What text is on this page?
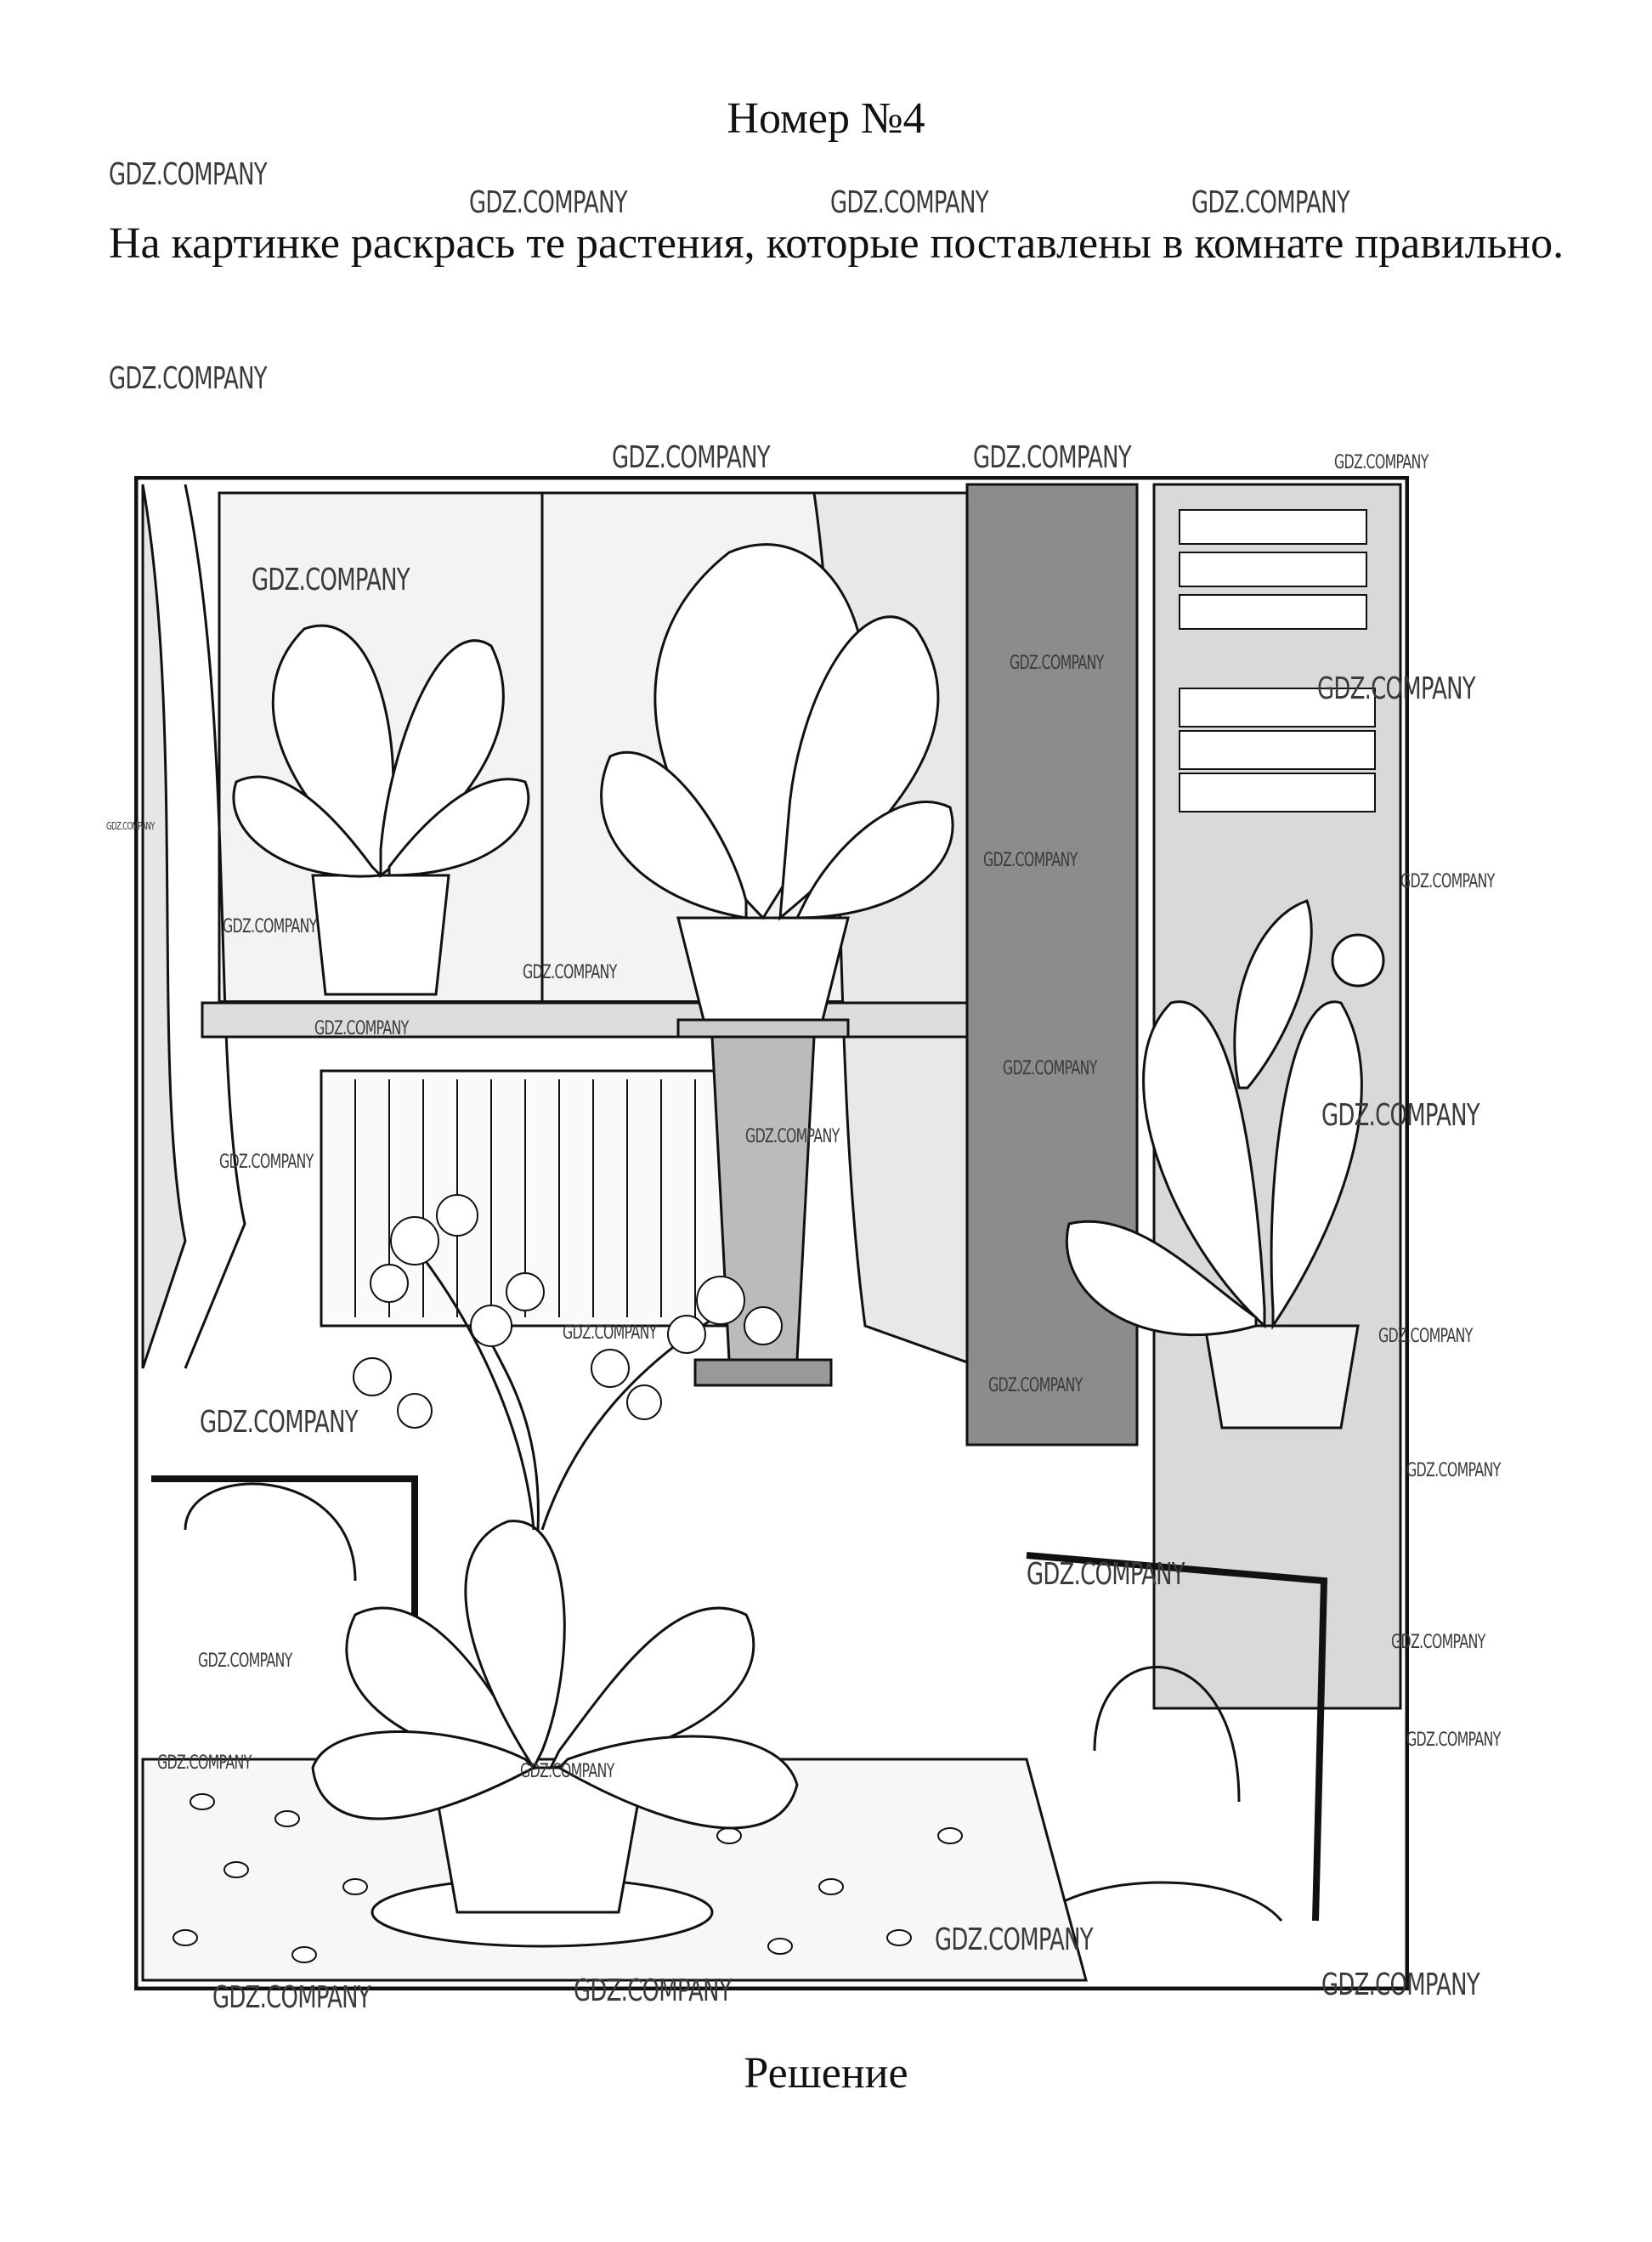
Номер №4
На картинке раскрась те растения, которые поставлены в комнате правильно.
GDZ.COMPANY
GDZ.COMPANY	GDZ.COMPANY	GDZ.COMPANY
GDZ.COMPANY
GDZ.COMPANY	GDZ.COMPANY	GDZ.COMPANY
GDZ.COMPANY
GDZ.COMPANY
GDZ.COMPANY
GDZ.COMPANY
GDZ.COMPANY
GDZ.COMPANY
GDZ.COMPANY
GDZ.COMPANY
GDZ.COMPANY
GDZ.COMPANY
GDZ.COMPANY
GDZ.COMPANY
GDZ.COMPANY
GDZ.COMPANY	GDZ.COMPANY
GDZ.COMPANY
GDZ.COMPANY
GDZ.COMPANY
GDZ.COMPANY
GDZ.COMPANY
GDZ.COMPANY
GDZ.COMPANY	GDZ.COMPANY
GDZ.COMPANY
GDZ.COMPANY
GDZ.COMPANY	GDZ.COMPANY	GDZ.COMPANY
Решение
